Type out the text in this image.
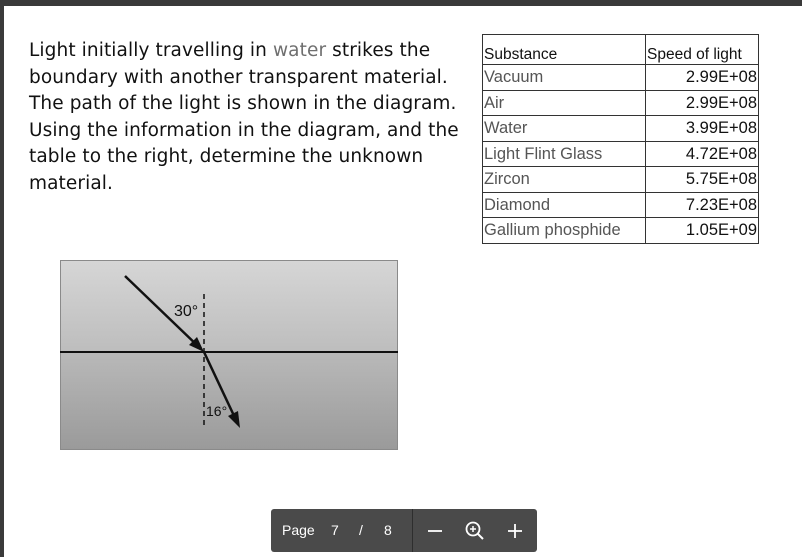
Light initially travelling in water strikes the boundary with another transparent material. The path of the light is shown in the diagram. Using the information in the diagram, and the table to the right, determine the unknown material.
Substance	Speed of light
Vacuum	2.99E+08
Air	2.99E+08
Water	3.99E+08
Light Flint Glass	4.72E+08
Zircon	5.75E+08
Diamond	7.23E+08
Gallium phosphide	1.05E+09
30°
16°
Page 7 / 8
